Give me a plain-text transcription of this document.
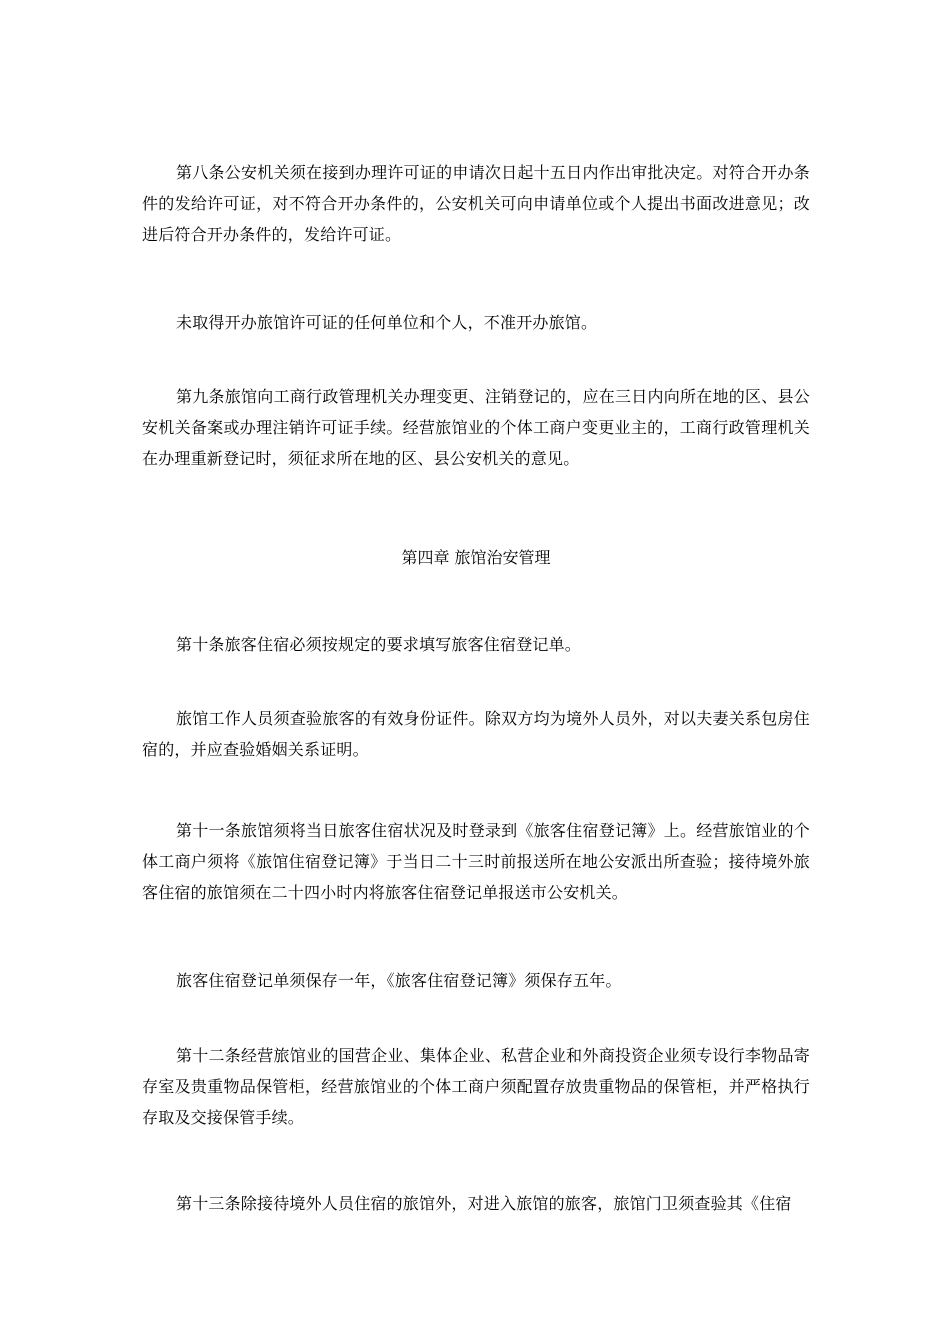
第八条公安机关须在接到办理许可证的申请次日起十五日内作出审批决定。对符合开办条件的发给许可证，对不符合开办条件的，公安机关可向申请单位或个人提出书面改进意见；改进后符合开办条件的，发给许可证。

未取得开办旅馆许可证的任何单位和个人，不准开办旅馆。

第九条旅馆向工商行政管理机关办理变更、注销登记的，应在三日内向所在地的区、县公安机关备案或办理注销许可证手续。经营旅馆业的个体工商户变更业主的，工商行政管理机关在办理重新登记时，须征求所在地的区、县公安机关的意见。

第四章 旅馆治安管理

第十条旅客住宿必须按规定的要求填写旅客住宿登记单。

旅馆工作人员须查验旅客的有效身份证件。除双方均为境外人员外，对以夫妻关系包房住宿的，并应查验婚姻关系证明。

第十一条旅馆须将当日旅客住宿状况及时登录到《旅客住宿登记簿》上。经营旅馆业的个体工商户须将《旅馆住宿登记簿》于当日二十三时前报送所在地公安派出所查验；接待境外旅客住宿的旅馆须在二十四小时内将旅客住宿登记单报送市公安机关。

旅客住宿登记单须保存一年，《旅客住宿登记簿》须保存五年。

第十二条经营旅馆业的国营企业、集体企业、私营企业和外商投资企业须专设行李物品寄存室及贵重物品保管柜，经营旅馆业的个体工商户须配置存放贵重物品的保管柜，并严格执行存取及交接保管手续。

第十三条除接待境外人员住宿的旅馆外，对进入旅馆的旅客，旅馆门卫须查验其《住宿
